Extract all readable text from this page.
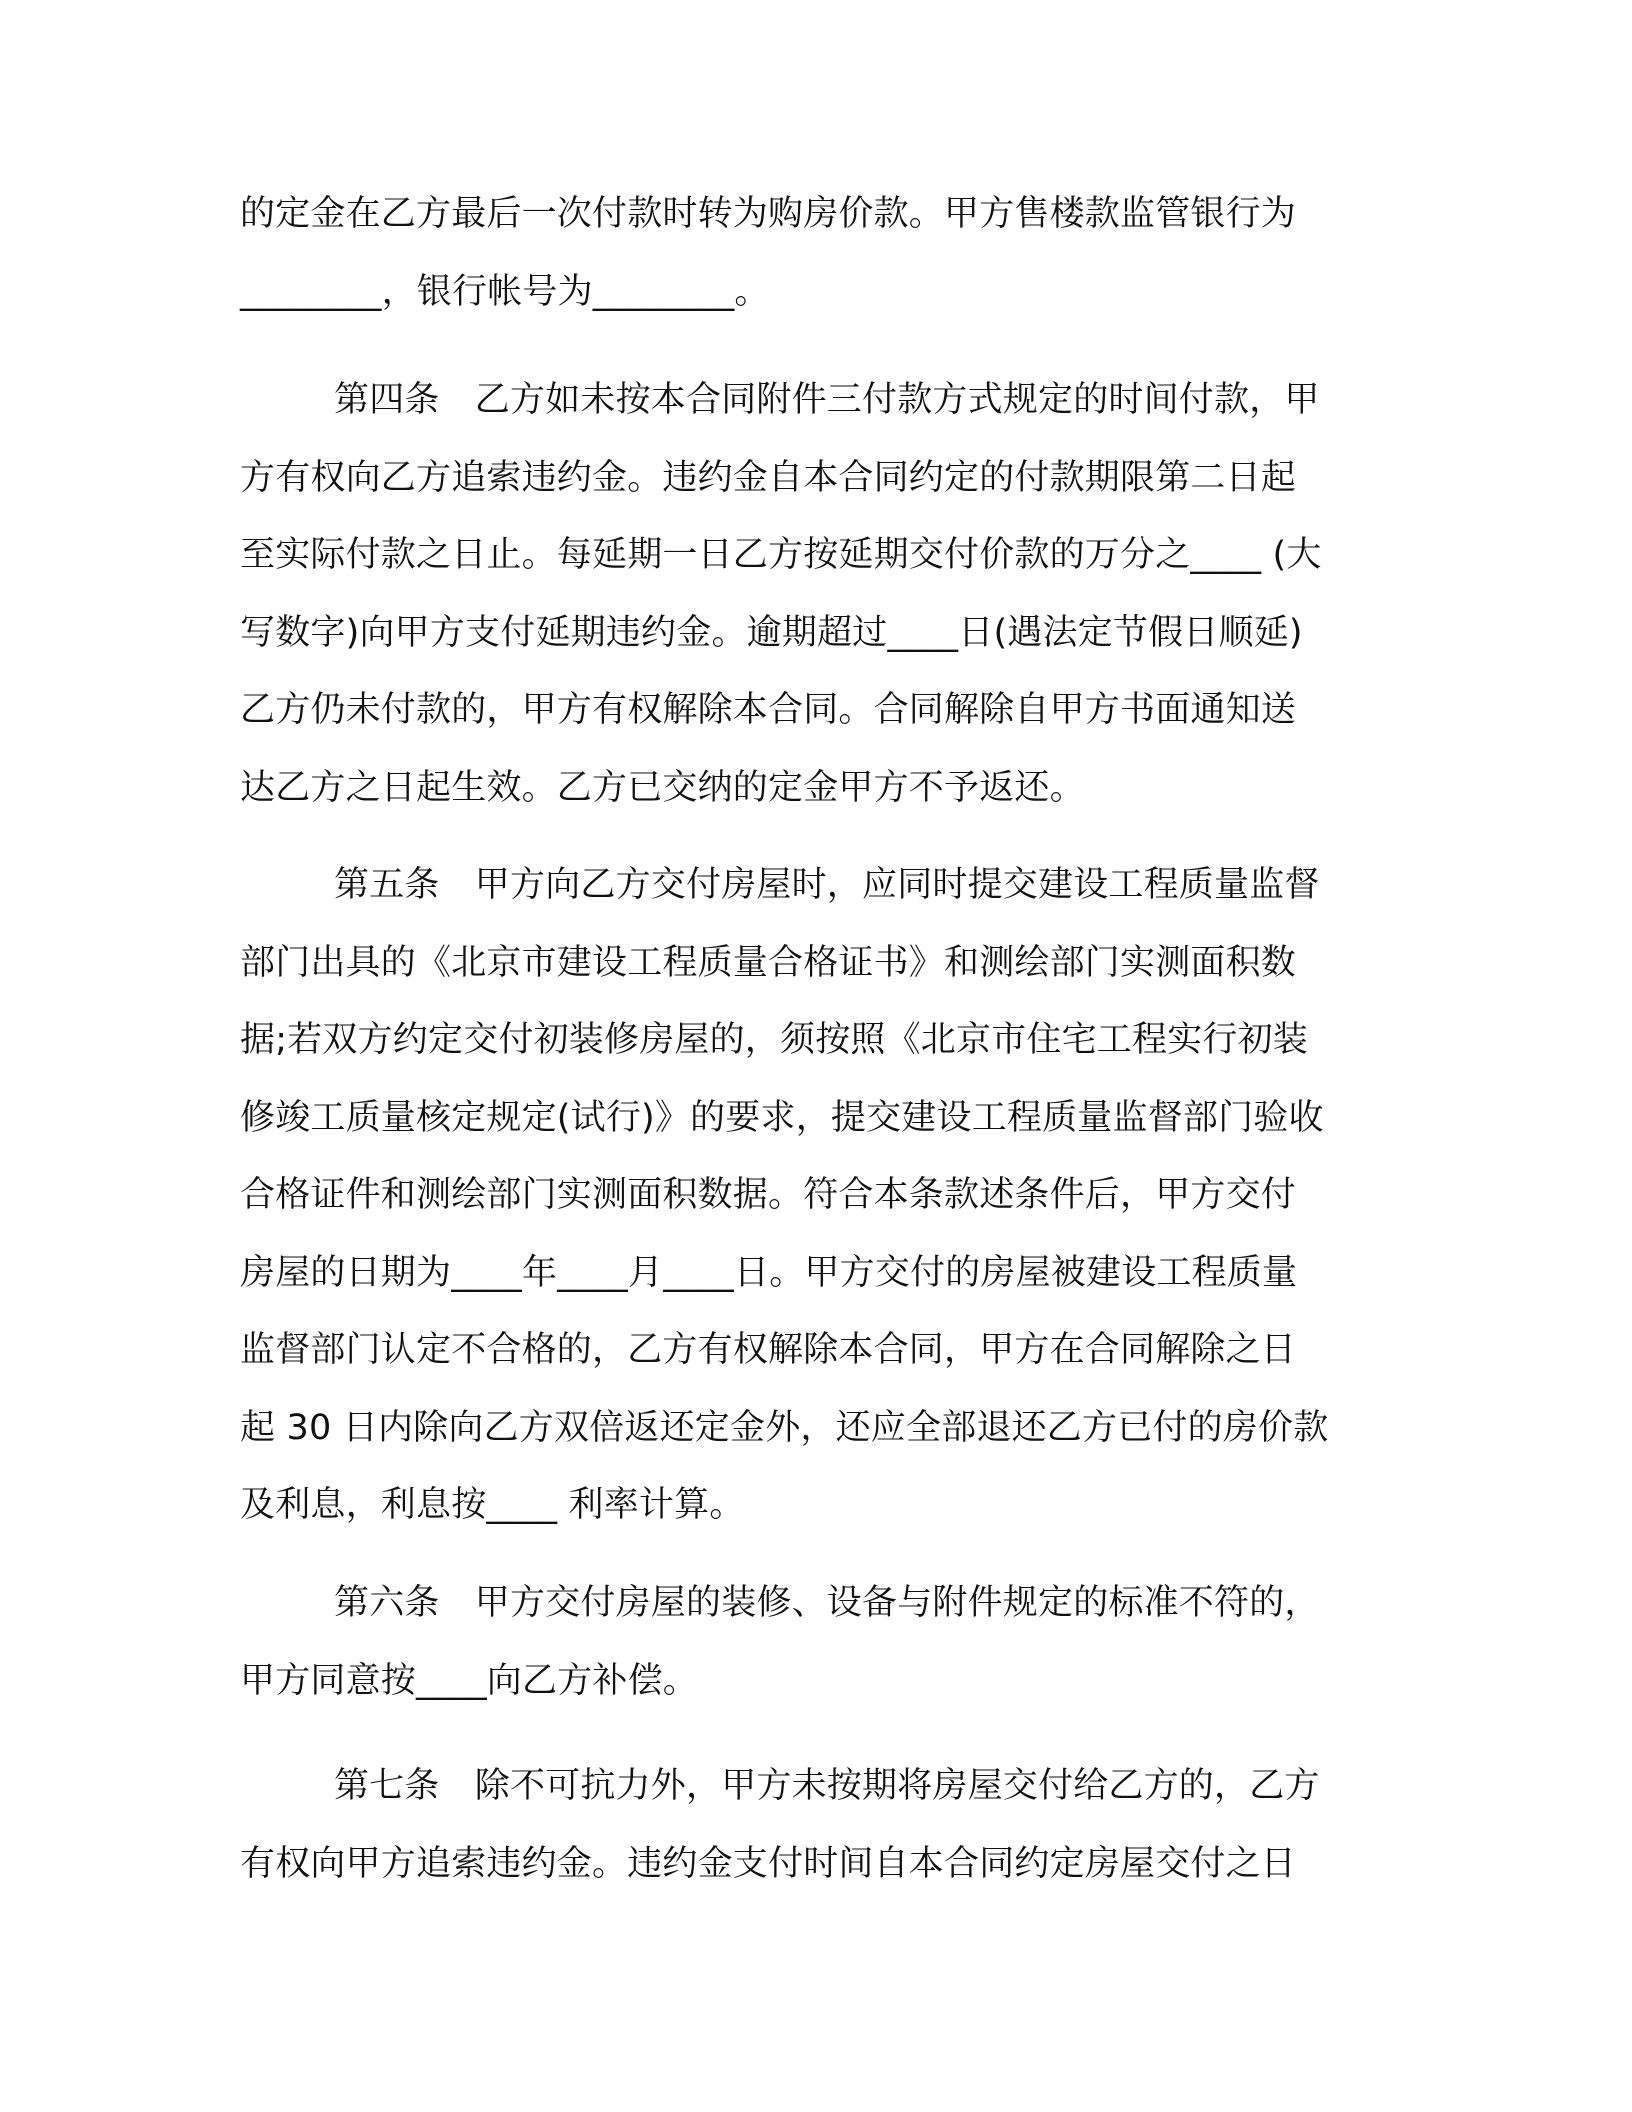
的定金在乙方最后一次付款时转为购房价款。甲方售楼款监管银行为
________，银行帐号为________。
第四条　乙方如未按本合同附件三付款方式规定的时间付款，甲
方有权向乙方追索违约金。违约金自本合同约定的付款期限第二日起
至实际付款之日止。每延期一日乙方按延期交付价款的万分之____ (大
写数字)向甲方支付延期违约金。逾期超过____日(遇法定节假日顺延)
乙方仍未付款的，甲方有权解除本合同。合同解除自甲方书面通知送
达乙方之日起生效。乙方已交纳的定金甲方不予返还。
第五条　甲方向乙方交付房屋时，应同时提交建设工程质量监督
部门出具的《北京市建设工程质量合格证书》和测绘部门实测面积数
据;若双方约定交付初装修房屋的，须按照《北京市住宅工程实行初装
修竣工质量核定规定(试行)》的要求，提交建设工程质量监督部门验收
合格证件和测绘部门实测面积数据。符合本条款述条件后，甲方交付
房屋的日期为____年____月____日。甲方交付的房屋被建设工程质量
监督部门认定不合格的，乙方有权解除本合同，甲方在合同解除之日
起 30 日内除向乙方双倍返还定金外，还应全部退还乙方已付的房价款
及利息，利息按____ 利率计算。
第六条　甲方交付房屋的装修、设备与附件规定的标准不符的，
甲方同意按____向乙方补偿。
第七条　除不可抗力外，甲方未按期将房屋交付给乙方的，乙方
有权向甲方追索违约金。违约金支付时间自本合同约定房屋交付之日
